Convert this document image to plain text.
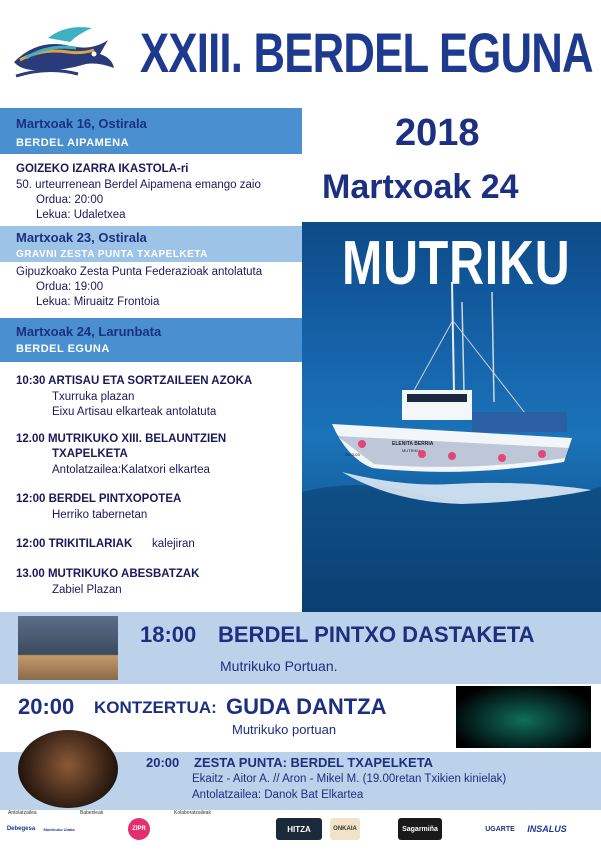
XXIII. BERDEL EGUNA
Martxoak 16, Ostirala
BERDEL AIPAMENA
GOIZEKO IZARRA IKASTOLA-ri
50. urteurrenean Berdel Aipamena emango zaio
Ordua: 20:00
Lekua: Udaletxea
Martxoak 23, Ostirala
GRAVNI ZESTA PUNTA TXAPELKETA
Gipuzkoako Zesta Punta Federazioak antolatuta
Ordua: 19:00
Lekua: Miruaitz Frontoia
Martxoak 24, Larunbata
BERDEL EGUNA
10:30 ARTISAU ETA SORTZAILEEN AZOKA
Txurruka plazan
Eixu Artisau elkarteak antolatuta
12.00 MUTRIKUKO XIII. BELAUNTZIEN
TXAPELKETA
Antolatzailea:Kalatxori elkartea
12:00 BERDEL PINTXOPOTEA
Herriko tabernetan
12:00 TRIKITILARIAK kalejiran
13.00 MUTRIKUKO ABESBATZAK
Zabiel Plazan
2018
Martxoak 24
ELENITA BERRIA
MUTRIKU
SS-3-03
MUTRIKU
18:00 BERDEL PINTXO DASTAKETA
Mutrikuko Portuan.
20:00 KONTZERTUA: GUDA DANTZA
Mutrikuko portuan
20:00 ZESTA PUNTA: BERDEL TXAPELKETA
Ekaitz - Aitor A. // Aron - Mikel M. (19.00retan Txikien kinielak)
Antolatzailea: Danok Bat Elkartea
Antolatzailea	Babesleak	Kolaboratzaileak
Debegesa	Mutrikuko Udala	ZIPR	HITZA	ONKAIA	Sagarmiña	UGARTE	INSALUS
